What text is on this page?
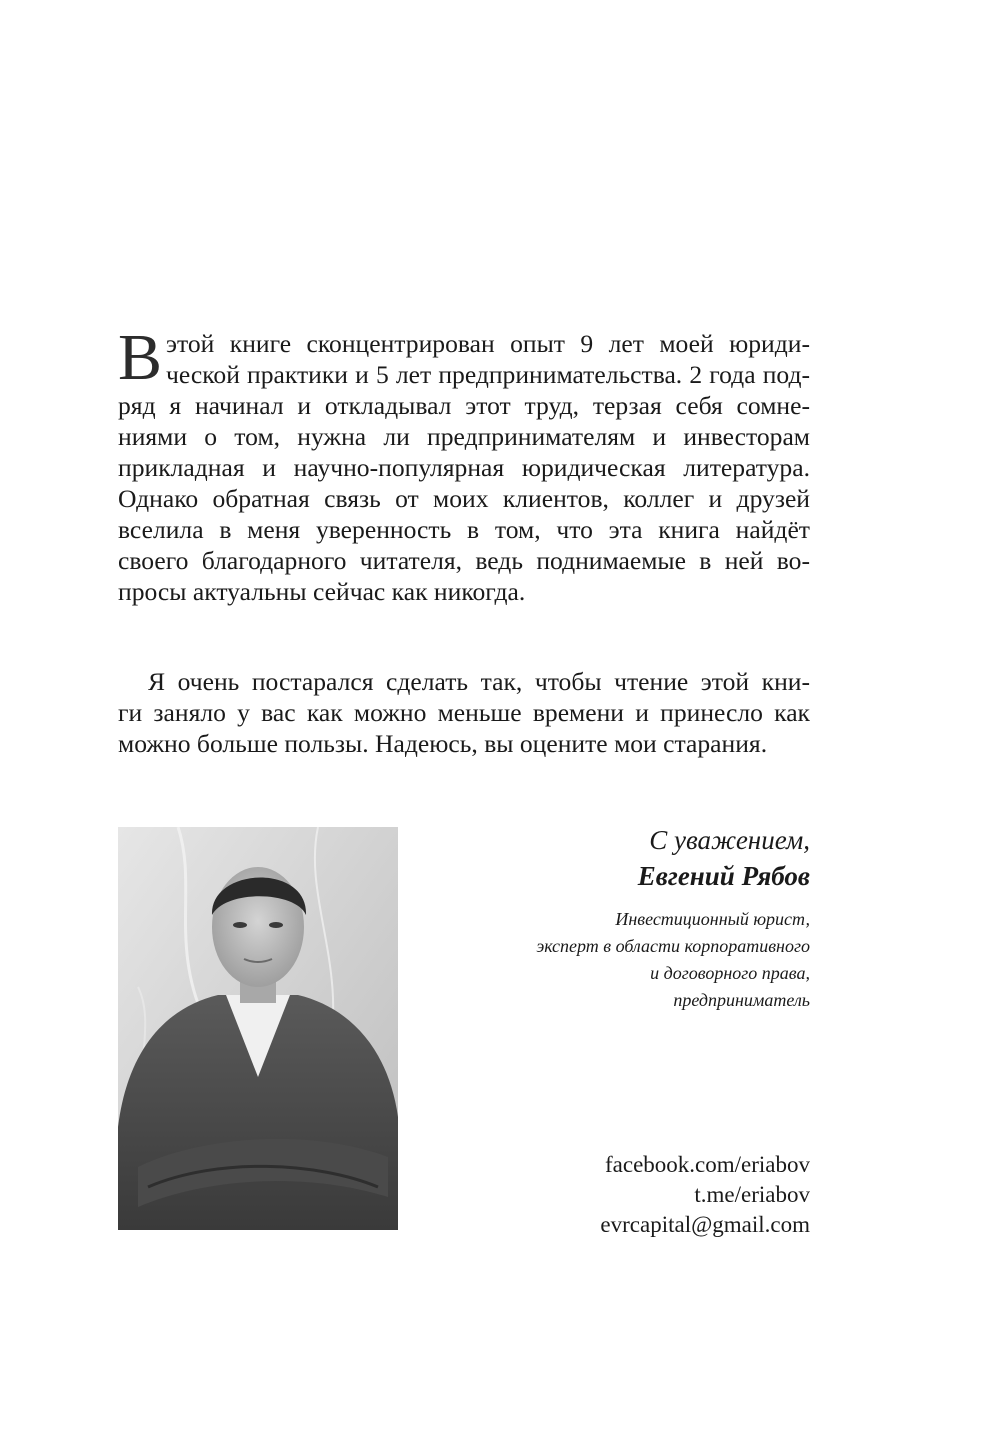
В этой книге сконцентрирован опыт 9 лет моей юриди-
ческой практики и 5 лет предпринимательства. 2 года под-
ряд я начинал и откладывал этот труд, терзая себя сомне-
ниями о том, нужна ли предпринимателям и инвесторам
прикладная и научно-популярная юридическая литература.
Однако обратная связь от моих клиентов, коллег и друзей
вселила в меня уверенность в том, что эта книга найдёт
своего благодарного читателя, ведь поднимаемые в ней во-
просы актуальны сейчас как никогда.
Я очень постарался сделать так, чтобы чтение этой кни-
ги заняло у вас как можно меньше времени и принесло как
можно больше пользы. Надеюсь, вы оцените мои старания.
С уважением,
Евгений Рябов
Инвестиционный юрист,
эксперт в области корпоративного
и договорного права,
предприниматель
facebook.com/eriabov
t.me/eriabov
evrcapital@gmail.com
